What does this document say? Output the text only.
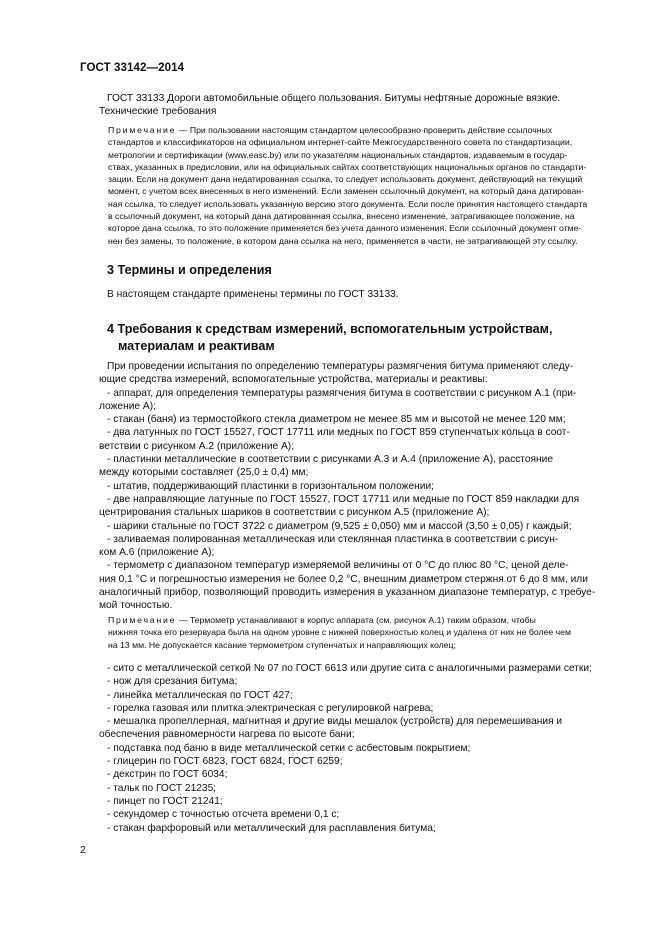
ГОСТ 33142—2014

ГОСТ 33133 Дороги автомобильные общего пользования. Битумы нефтяные дорожные вязкие.
Технические требования

Примечание — При пользовании настоящим стандартом целесообразно проверить действие ссылочных
стандартов и классификаторов на официальном интернет-сайте Межгосударственного совета по стандартизации,
метрологии и сертификации (www.easc.by) или по указателям национальных стандартов, издаваемым в государ-
ствах, указанных в предисловии, или на официальных сайтах соответствующих национальных органов по стандарти-
зации. Если на документ дана недатированная ссылка, то следует использовать документ, действующий на текущий
момент, с учетом всех внесенных в него изменений. Если заменен ссылочный документ, на который дана датирован-
ная ссылка, то следует использовать указанную версию этого документа. Если после принятия настоящего стандарта
в ссылочный документ, на который дана датированная ссылка, внесено изменение, затрагивающее положение, на
которое дана ссылка, то это положение применяется без учета данного изменения. Если ссылочный документ отме-
нен без замены, то положение, в котором дана ссылка на него, применяется в части, не затрагивающей эту ссылку.

3 Термины и определения

В настоящем стандарте применены термины по ГОСТ 33133.

4 Требования к средствам измерений, вспомогательным устройствам,
материалам и реактивам

При проведении испытания по определению температуры размягчения битума применяют следу-
ющие средства измерений, вспомогательные устройства, материалы и реактивы:
- аппарат, для определения температуры размягчения битума в соответствии с рисунком А.1 (при-
ложение А);
- стакан (баня) из термостойкого стекла диаметром не менее 85 мм и высотой не менее 120 мм;
- два латунных по ГОСТ 15527, ГОСТ 17711 или медных по ГОСТ 859 ступенчатых кольца в соот-
ветствии с рисунком А.2 (приложение А);
- пластинки металлические в соответствии с рисунками А.3 и А.4 (приложение А), расстояние
между которыми составляет (25,0 ± 0,4) мм;
- штатив, поддерживающий пластинки в горизонтальном положении;
- две направляющие латунные по ГОСТ 15527, ГОСТ 17711 или медные по ГОСТ 859 накладки для
центрирования стальных шариков в соответствии с рисунком А.5 (приложение А);
- шарики стальные по ГОСТ 3722 с диаметром (9,525 ± 0,050) мм и массой (3,50 ± 0,05) г каждый;
- заливаемая полированная металлическая или стеклянная пластинка в соответствии с рисун-
ком А.6 (приложение А);
- термометр с диапазоном температур измеряемой величины от 0 °С до плюс 80 °С, ценой деле-
ния 0,1 °С и погрешностью измерения не более 0,2 °С, внешним диаметром стержня от 6 до 8 мм, или
аналогичный прибор, позволяющий проводить измерения в указанном диапазоне температур, с требуе-
мой точностью.

Примечание — Термометр устанавливают в корпус аппарата (см. рисунок А.1) таким образом, чтобы
нижняя точка его резервуара была на одном уровне с нижней поверхностью колец и удалена от них не более чем
на 13 мм. Не допускается касание термометром ступенчатых и направляющих колец;

- сито с металлической сеткой № 07 по ГОСТ 6613 или другие сита с аналогичными размерами сетки;
- нож для срезания битума;
- линейка металлическая по ГОСТ 427;
- горелка газовая или плитка электрическая с регулировкой нагрева;
- мешалка пропеллерная, магнитная и другие виды мешалок (устройств) для перемешивания и
обеспечения равномерности нагрева по высоте бани;
- подставка под баню в виде металлической сетки с асбестовым покрытием;
- глицерин по ГОСТ 6823, ГОСТ 6824, ГОСТ 6259;
- декстрин по ГОСТ 6034;
- тальк по ГОСТ 21235;
- пинцет по ГОСТ 21241;
- секундомер с точностью отсчета времени 0,1 с;
- стакан фарфоровый или металлический для расплавления битума;

2
